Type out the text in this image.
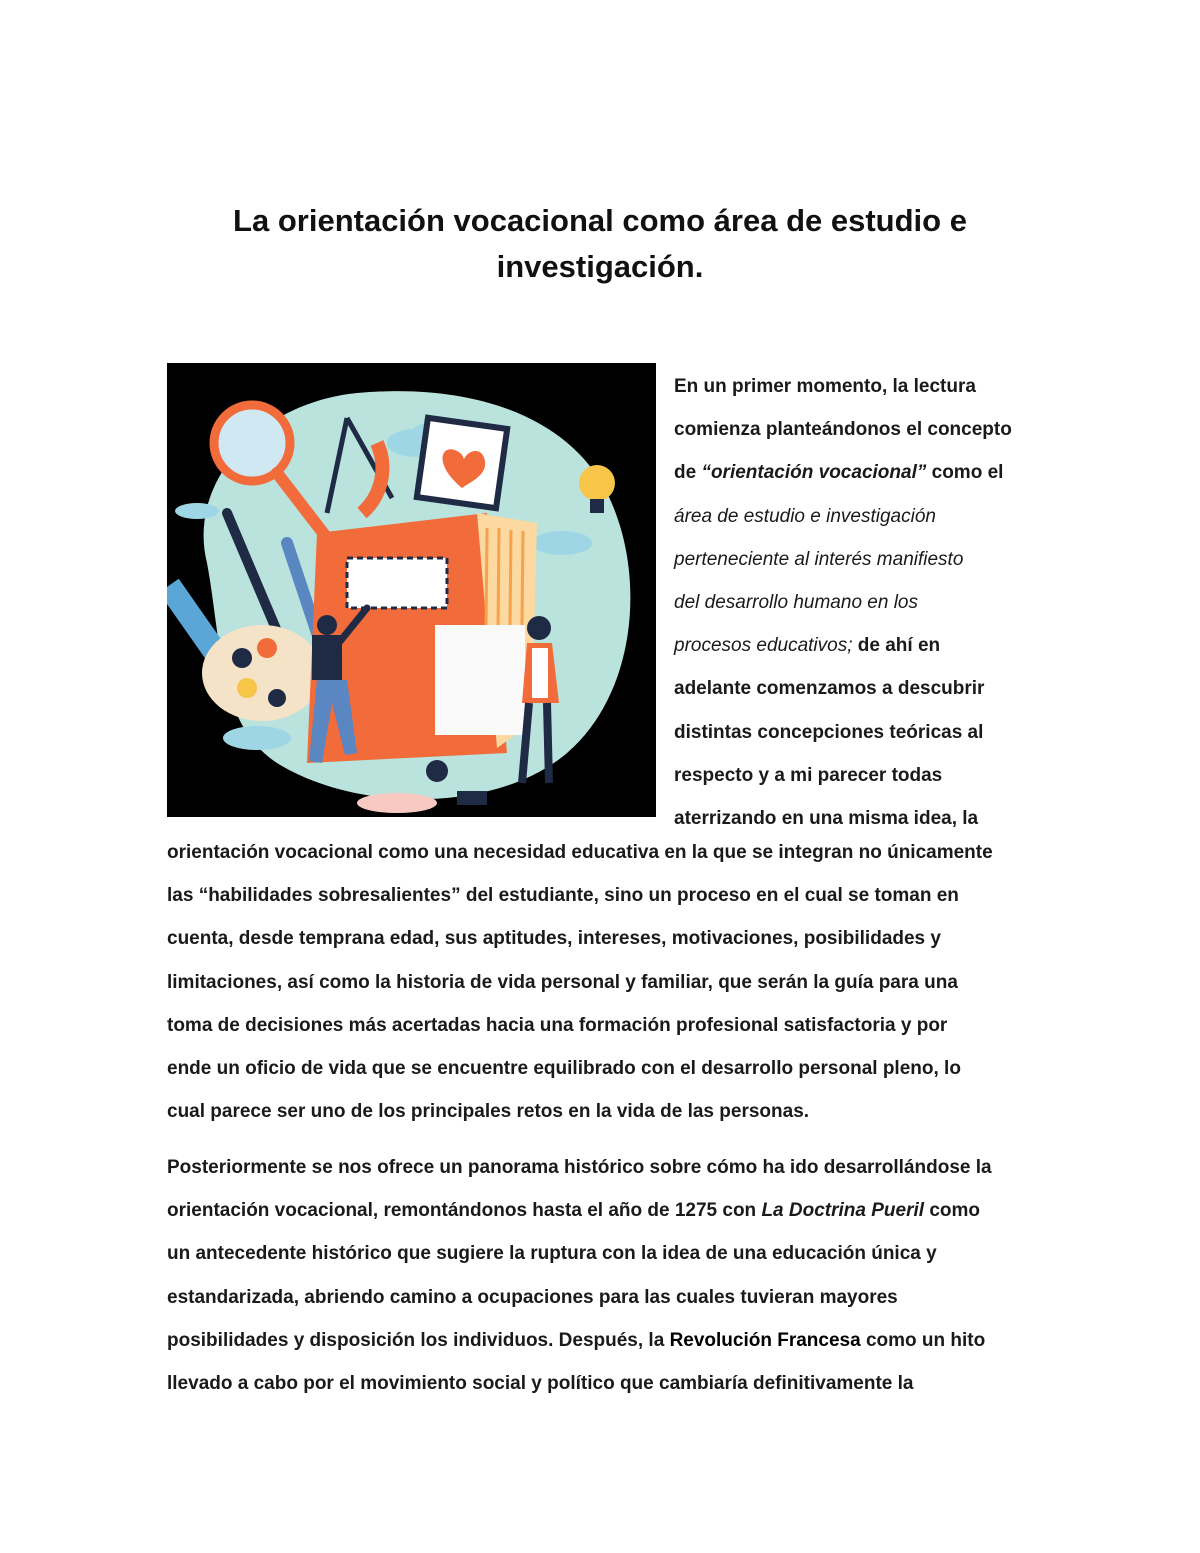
La orientación vocacional como área de estudio e
investigación.

En un primer momento, la lectura
comienza planteándonos el concepto
de “orientación vocacional” como el
área de estudio e investigación
perteneciente al interés manifiesto
del desarrollo humano en los
procesos educativos; de ahí en
adelante comenzamos a descubrir
distintas concepciones teóricas al
respecto y a mi parecer todas
aterrizando en una misma idea, la

orientación vocacional como una necesidad educativa en la que se integran no únicamente
las “habilidades sobresalientes” del estudiante, sino un proceso en el cual se toman en
cuenta, desde temprana edad, sus aptitudes, intereses, motivaciones, posibilidades y
limitaciones, así como la historia de vida personal y familiar, que serán la guía para una
toma de decisiones más acertadas hacia una formación profesional satisfactoria y por
ende un oficio de vida que se encuentre equilibrado con el desarrollo personal pleno, lo
cual parece ser uno de los principales retos en la vida de las personas.

Posteriormente se nos ofrece un panorama histórico sobre cómo ha ido desarrollándose la
orientación vocacional, remontándonos hasta el año de 1275 con La Doctrina Pueril como
un antecedente histórico que sugiere la ruptura con la idea de una educación única y
estandarizada, abriendo camino a ocupaciones para las cuales tuvieran mayores
posibilidades y disposición los individuos. Después, la Revolución Francesa como un hito
llevado a cabo por el movimiento social y político que cambiaría definitivamente la
